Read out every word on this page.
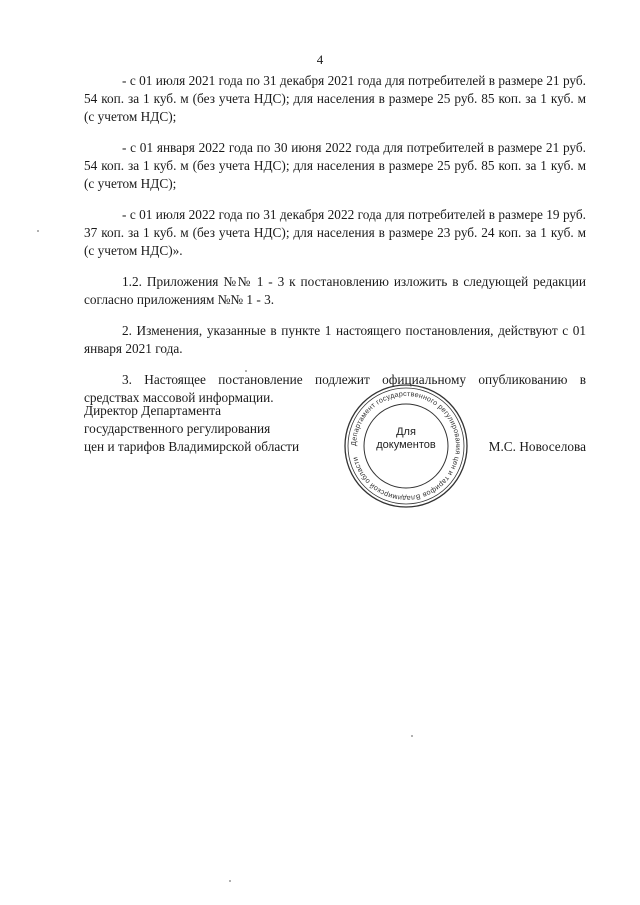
4

- с 01 июля 2021 года по 31 декабря 2021 года для потребителей в размере 21 руб. 54 коп. за 1 куб. м (без учета НДС); для населения в размере 25 руб. 85 коп. за 1 куб. м (с учетом НДС);

- с 01 января 2022 года по 30 июня 2022 года для потребителей в размере 21 руб. 54 коп. за 1 куб. м (без учета НДС); для населения в размере 25 руб. 85 коп. за 1 куб. м (с учетом НДС);

- с 01 июля 2022 года по 31 декабря 2022 года для потребителей в размере 19 руб. 37 коп. за 1 куб. м (без учета НДС); для населения в размере 23 руб. 24 коп. за 1 куб. м (с учетом НДС)».

1.2. Приложения №№ 1 - 3 к постановлению изложить в следующей редакции согласно приложениям №№ 1 - 3.

2. Изменения, указанные в пункте 1 настоящего постановления, действуют с 01 января 2021 года.

3. Настоящее постановление подлежит официальному опубликованию в средствах массовой информации.

Директор Департамента
государственного регулирования
цен и тарифов Владимирской области	Департамент государственного регулирования цен и тарифов Владимирской области
Для
документов	М.С. Новоселова
